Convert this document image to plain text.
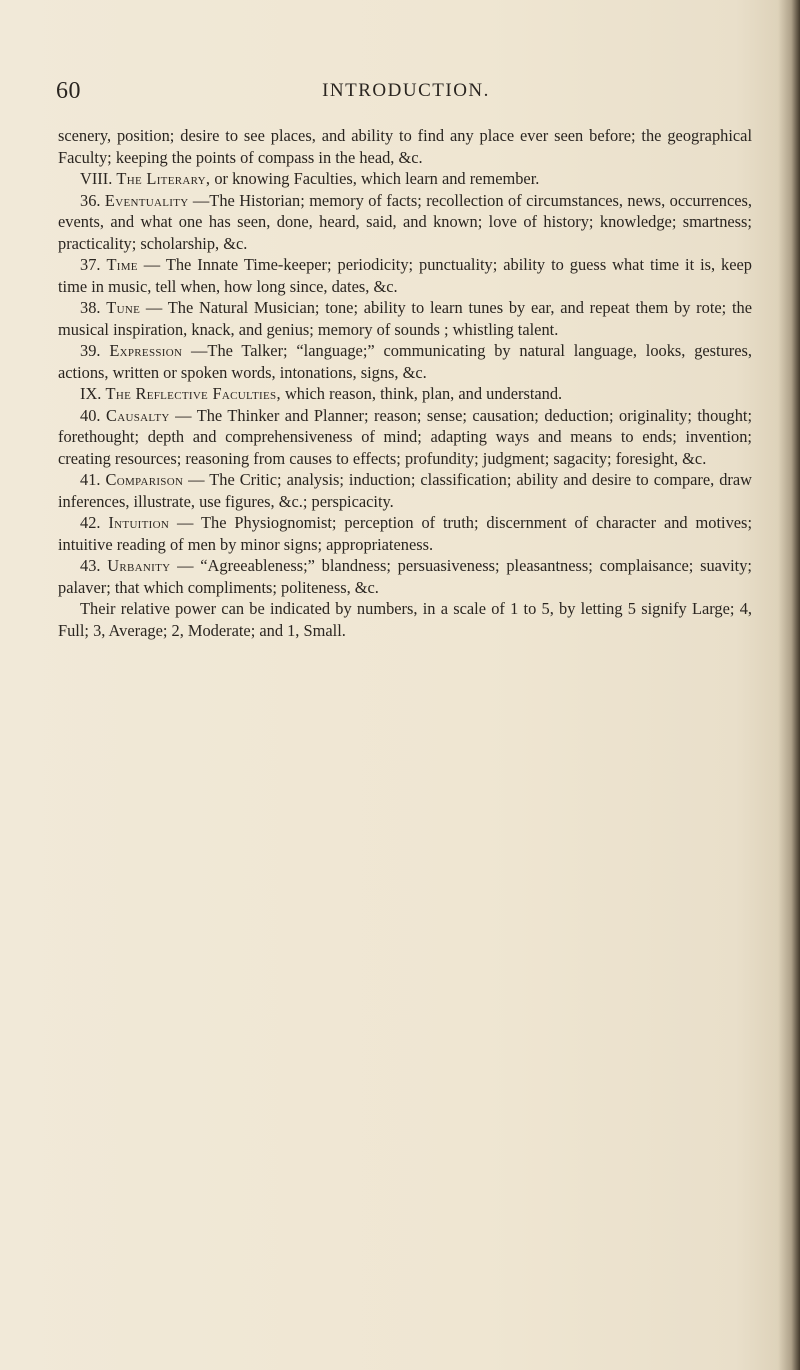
60	INTRODUCTION.

scenery, position; desire to see places, and ability to find any place ever seen before; the geographical Faculty; keeping the points of compass in the head, &c.

VIII. The Literary, or knowing Faculties, which learn and remember.

36. Eventuality —The Historian; memory of facts; recollection of circumstances, news, occurrences, events, and what one has seen, done, heard, said, and known; love of history; knowledge; smartness; practicality; scholarship, &c.

37. Time — The Innate Time-keeper; periodicity; punctuality; ability to guess what time it is, keep time in music, tell when, how long since, dates, &c.

38. Tune — The Natural Musician; tone; ability to learn tunes by ear, and repeat them by rote; the musical inspiration, knack, and genius; memory of sounds ; whistling talent.

39. Expression —The Talker; “language;” communicating by natural language, looks, gestures, actions, written or spoken words, intonations, signs, &c.

IX. The Reflective Faculties, which reason, think, plan, and understand.

40. Causalty — The Thinker and Planner; reason; sense; causation; deduction; originality; thought; forethought; depth and comprehensiveness of mind; adapting ways and means to ends; invention; creating resources; reasoning from causes to effects; profundity; judgment; sagacity; foresight, &c.

41. Comparison — The Critic; analysis; induction; classification; ability and desire to compare, draw inferences, illustrate, use figures, &c.; perspicacity.

42. Intuition — The Physiognomist; perception of truth; discernment of character and motives; intuitive reading of men by minor signs; appropriateness.

43. Urbanity — “Agreeableness;” blandness; persuasiveness; pleasantness; complaisance; suavity; palaver; that which compliments; politeness, &c.

Their relative power can be indicated by numbers, in a scale of 1 to 5, by letting 5 signify Large; 4, Full; 3, Average; 2, Moderate; and 1, Small.
